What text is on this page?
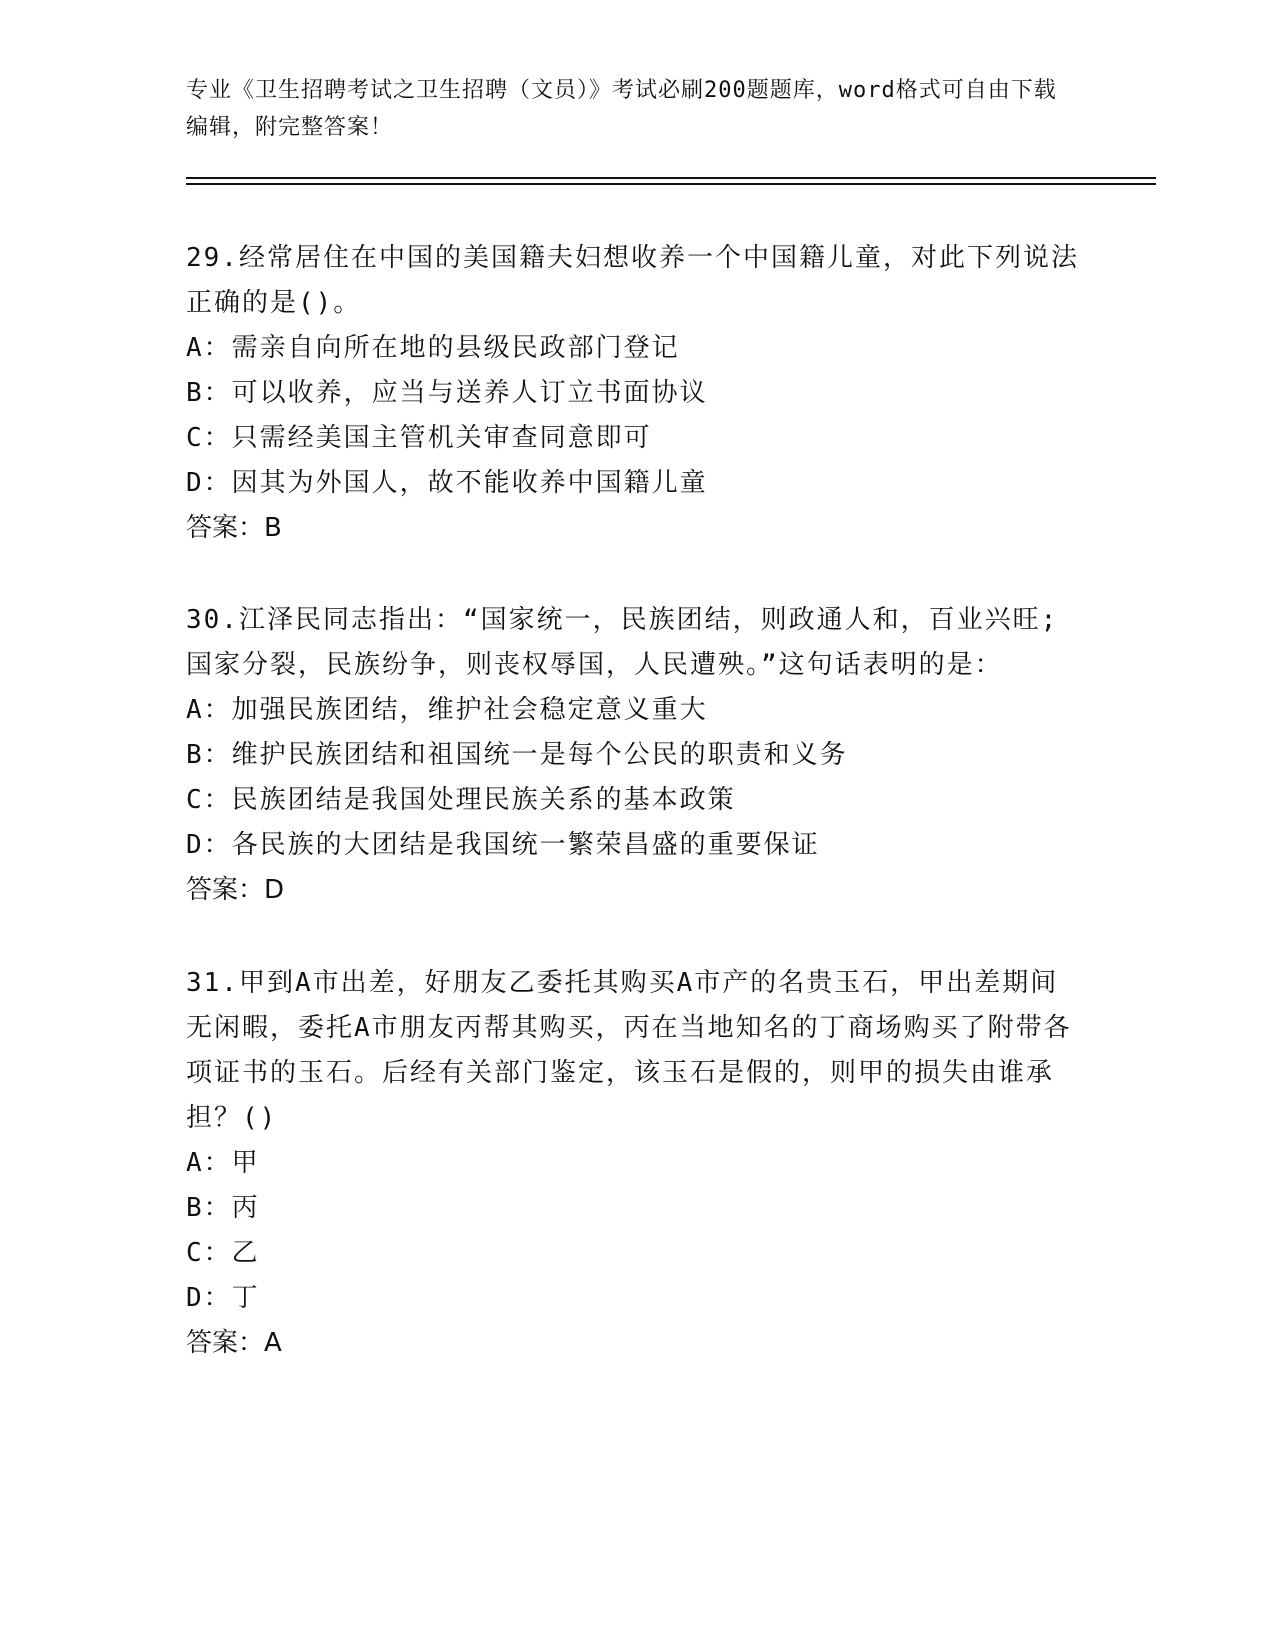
专业《卫生招聘考试之卫生招聘（文员）》考试必刷200题题库，word格式可自由下载编辑，附完整答案！

29.经常居住在中国的美国籍夫妇想收养一个中国籍儿童，对此下列说法正确的是()。

A：需亲自向所在地的县级民政部门登记

B：可以收养，应当与送养人订立书面协议

C：只需经美国主管机关审查同意即可

D：因其为外国人，故不能收养中国籍儿童

答案：B

30.江泽民同志指出：“国家统一，民族团结，则政通人和，百业兴旺;国家分裂，民族纷争，则丧权辱国，人民遭殃。”这句话表明的是：

A：加强民族团结，维护社会稳定意义重大

B：维护民族团结和祖国统一是每个公民的职责和义务

C：民族团结是我国处理民族关系的基本政策

D：各民族的大团结是我国统一繁荣昌盛的重要保证

答案：D

31.甲到A市出差，好朋友乙委托其购买A市产的名贵玉石，甲出差期间无闲暇，委托A市朋友丙帮其购买，丙在当地知名的丁商场购买了附带各项证书的玉石。后经有关部门鉴定，该玉石是假的，则甲的损失由谁承担？()

A：甲

B：丙

C：乙

D：丁

答案：A
